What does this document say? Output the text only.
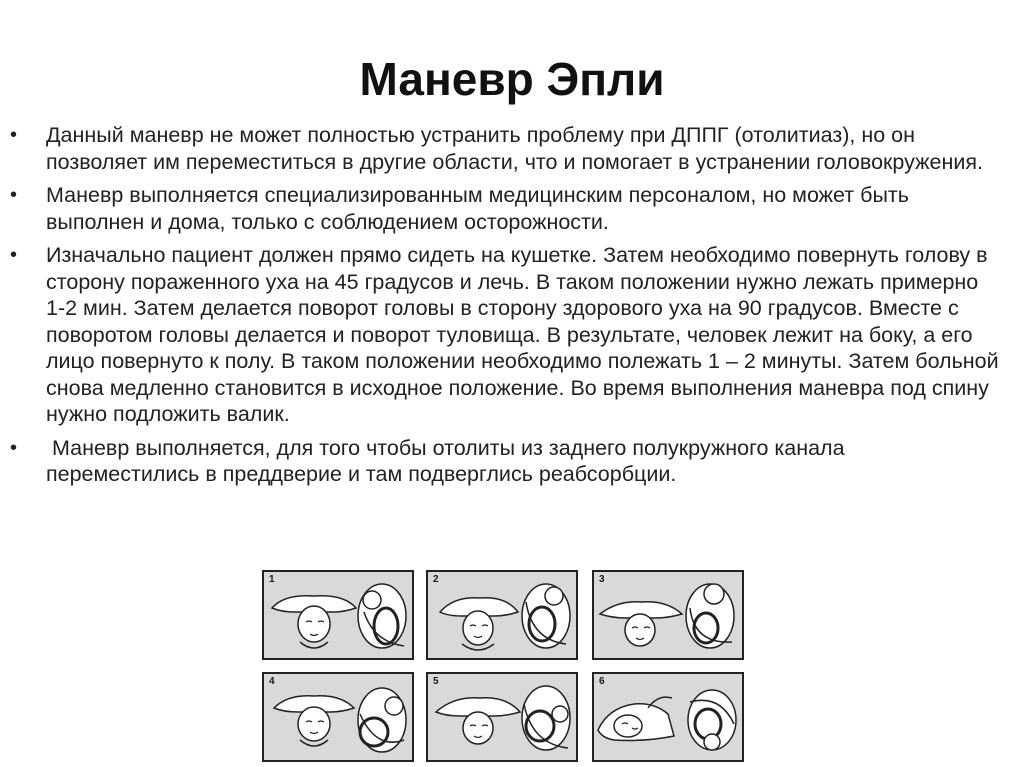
Маневр Эпли
• Данный маневр не может полностью устранить проблему при ДППГ (отолитиаз), но он позволяет им переместиться в другие области, что и помогает в устранении головокружения.
• Маневр выполняется специализированным медицинским персоналом, но может быть выполнен и дома, только с соблюдением осторожности.
• Изначально пациент должен прямо сидеть на кушетке. Затем необходимо повернуть голову в сторону пораженного уха на 45 градусов и лечь. В таком положении нужно лежать примерно 1-2 мин. Затем делается поворот головы в сторону здорового уха на 90 градусов. Вместе с поворотом головы делается и поворот туловища. В результате, человек лежит на боку, а его лицо повернуто к полу. В таком положении необходимо полежать 1 – 2 минуты. Затем больной снова медленно становится в исходное положение. Во время выполнения маневра под спину нужно подложить валик.
• Маневр выполняется, для того чтобы отолиты из заднего полукружного канала переместились в преддверие и там подверглись реабсорбции.
1	2	3
4	5	6
